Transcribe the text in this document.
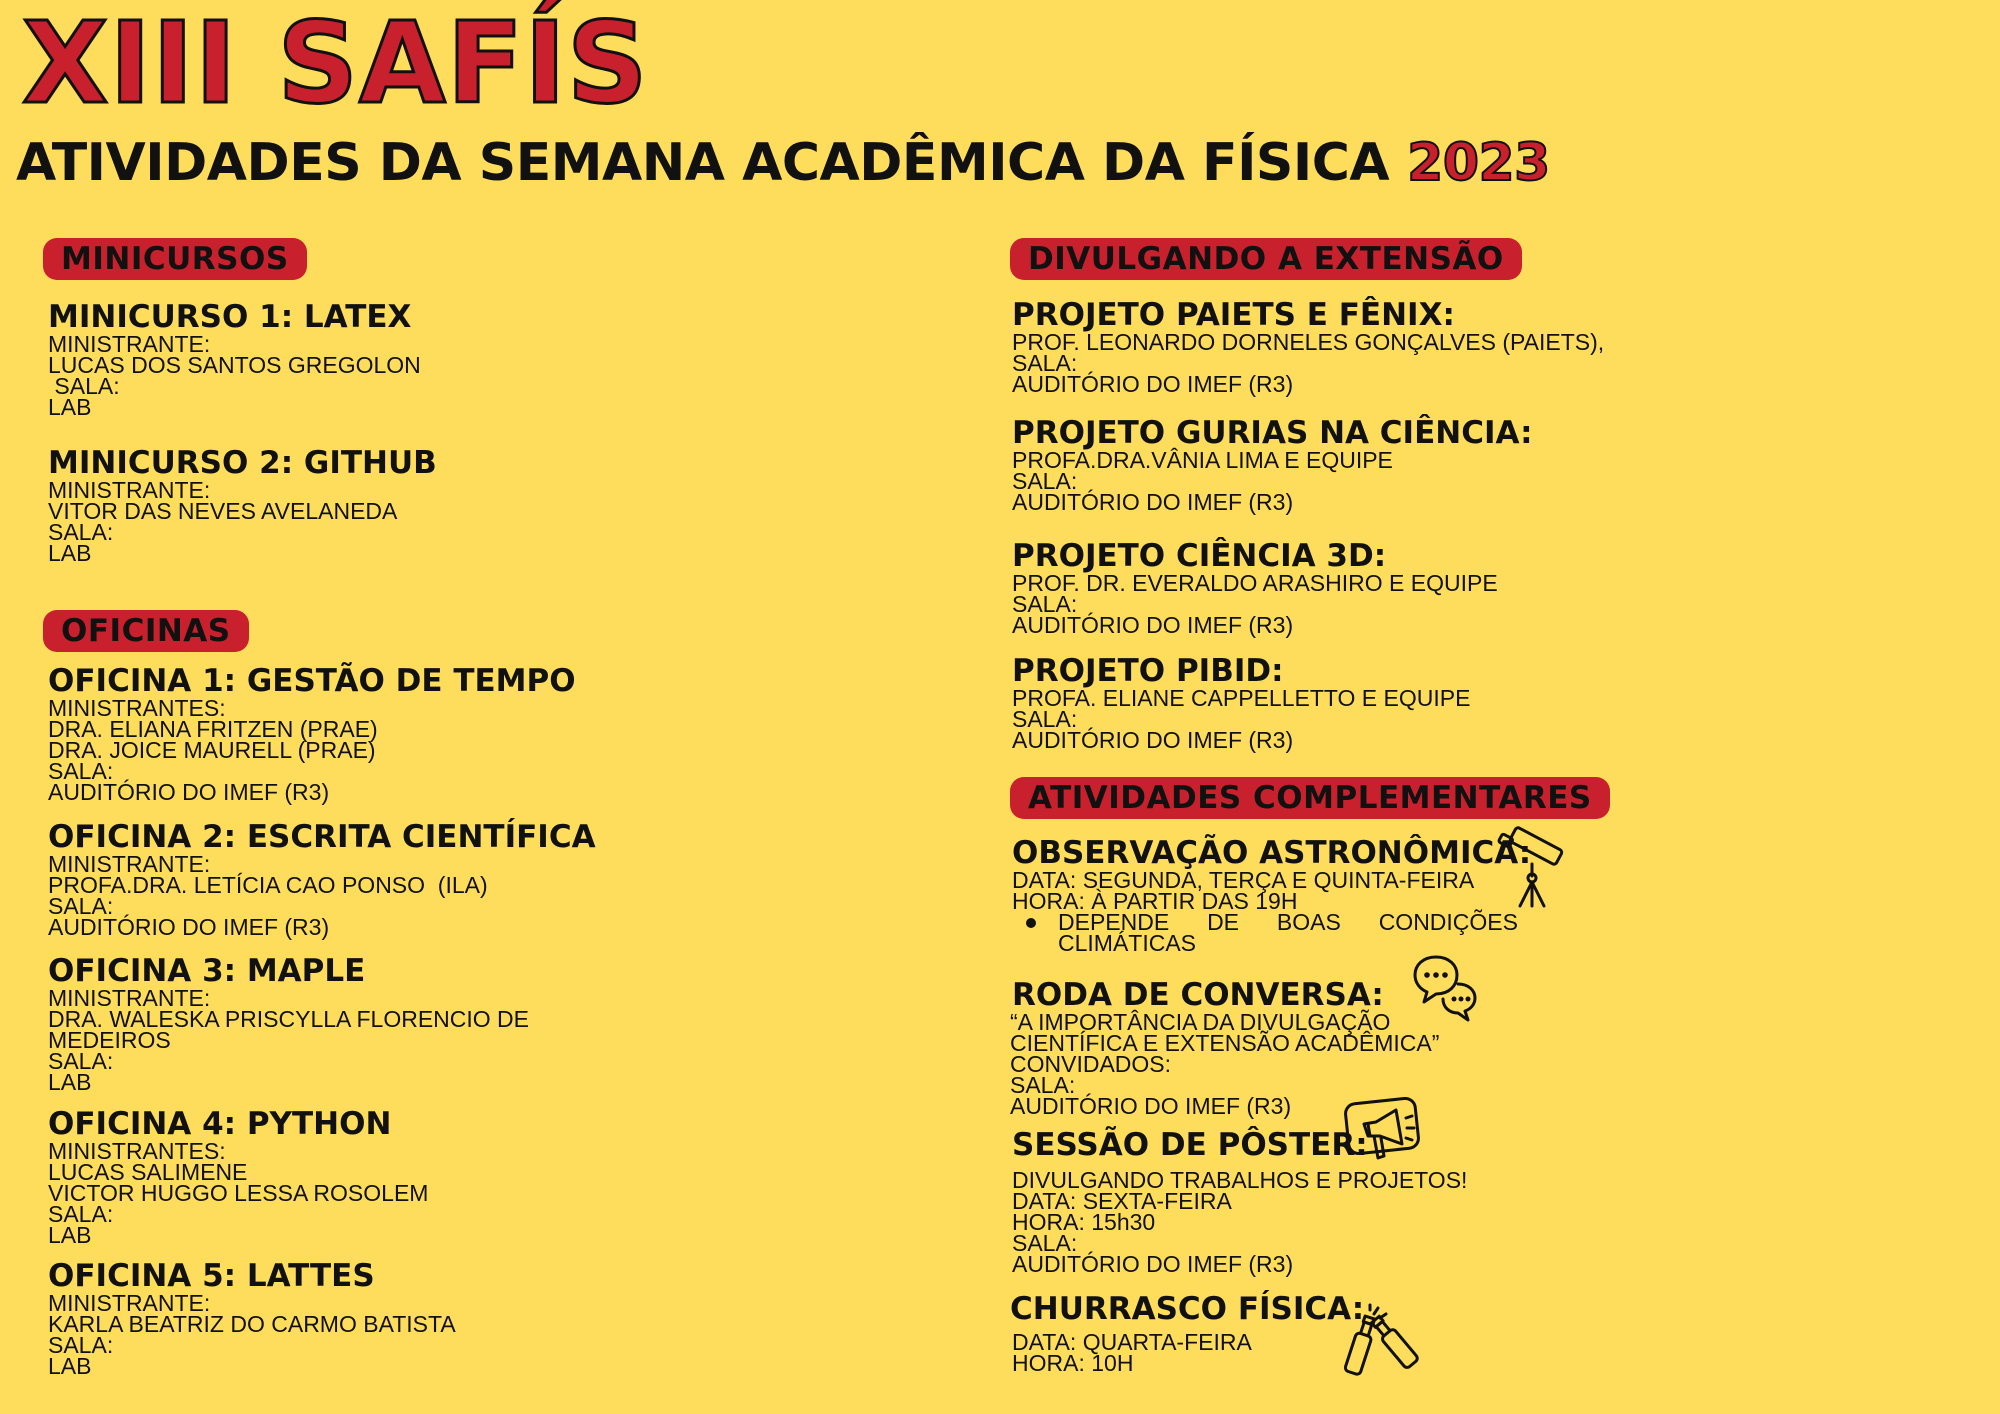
XIII SAFÍS
ATIVIDADES DA SEMANA ACADÊMICA DA FÍSICA 2023
MINICURSOS
MINICURSO 1: LATEX
MINISTRANTE:
LUCAS DOS SANTOS GREGOLON
SALA:
LAB
MINICURSO 2: GITHUB
MINISTRANTE:
VITOR DAS NEVES AVELANEDA
SALA:
LAB
OFICINAS
OFICINA 1: GESTÃO DE TEMPO
MINISTRANTES:
DRA. ELIANA FRITZEN (PRAE)
DRA. JOICE MAURELL (PRAE)
SALA:
AUDITÓRIO DO IMEF (R3)
OFICINA 2: ESCRITA CIENTÍFICA
MINISTRANTE:
PROFA.DRA. LETÍCIA CAO PONSO  (ILA)
SALA:
AUDITÓRIO DO IMEF (R3)
OFICINA 3: MAPLE
MINISTRANTE:
DRA. WALESKA PRISCYLLA FLORENCIO DE
MEDEIROS
SALA:
LAB
OFICINA 4: PYTHON
MINISTRANTES:
LUCAS SALIMENE
VICTOR HUGGO LESSA ROSOLEM
SALA:
LAB
OFICINA 5: LATTES
MINISTRANTE:
KARLA BEATRIZ DO CARMO BATISTA
SALA:
LAB
DIVULGANDO A EXTENSÃO
PROJETO PAIETS E FÊNIX:
PROF. LEONARDO DORNELES GONÇALVES (PAIETS),
SALA:
AUDITÓRIO DO IMEF (R3)
PROJETO GURIAS NA CIÊNCIA:
PROFA.DRA.VÂNIA LIMA E EQUIPE
SALA:
AUDITÓRIO DO IMEF (R3)
PROJETO CIÊNCIA 3D:
PROF. DR. EVERALDO ARASHIRO E EQUIPE
SALA:
AUDITÓRIO DO IMEF (R3)
PROJETO PIBID:
PROFA. ELIANE CAPPELLETTO E EQUIPE
SALA:
AUDITÓRIO DO IMEF (R3)
ATIVIDADES COMPLEMENTARES
OBSERVAÇÃO ASTRONÔMICA:
DATA: SEGUNDA, TERÇA E QUINTA-FEIRA
HORA: À PARTIR DAS 19H
DEPENDE DE BOAS CONDIÇÕES
CLIMÁTICAS
RODA DE CONVERSA:
“A IMPORTÂNCIA DA DIVULGAÇÃO
CIENTÍFICA E EXTENSÃO ACADÊMICA”
CONVIDADOS:
SALA:
AUDITÓRIO DO IMEF (R3)
SESSÃO DE PÔSTER:
DIVULGANDO TRABALHOS E PROJETOS!
DATA: SEXTA-FEIRA
HORA: 15h30
SALA:
AUDITÓRIO DO IMEF (R3)
CHURRASCO FÍSICA:
DATA: QUARTA-FEIRA
HORA: 10H
